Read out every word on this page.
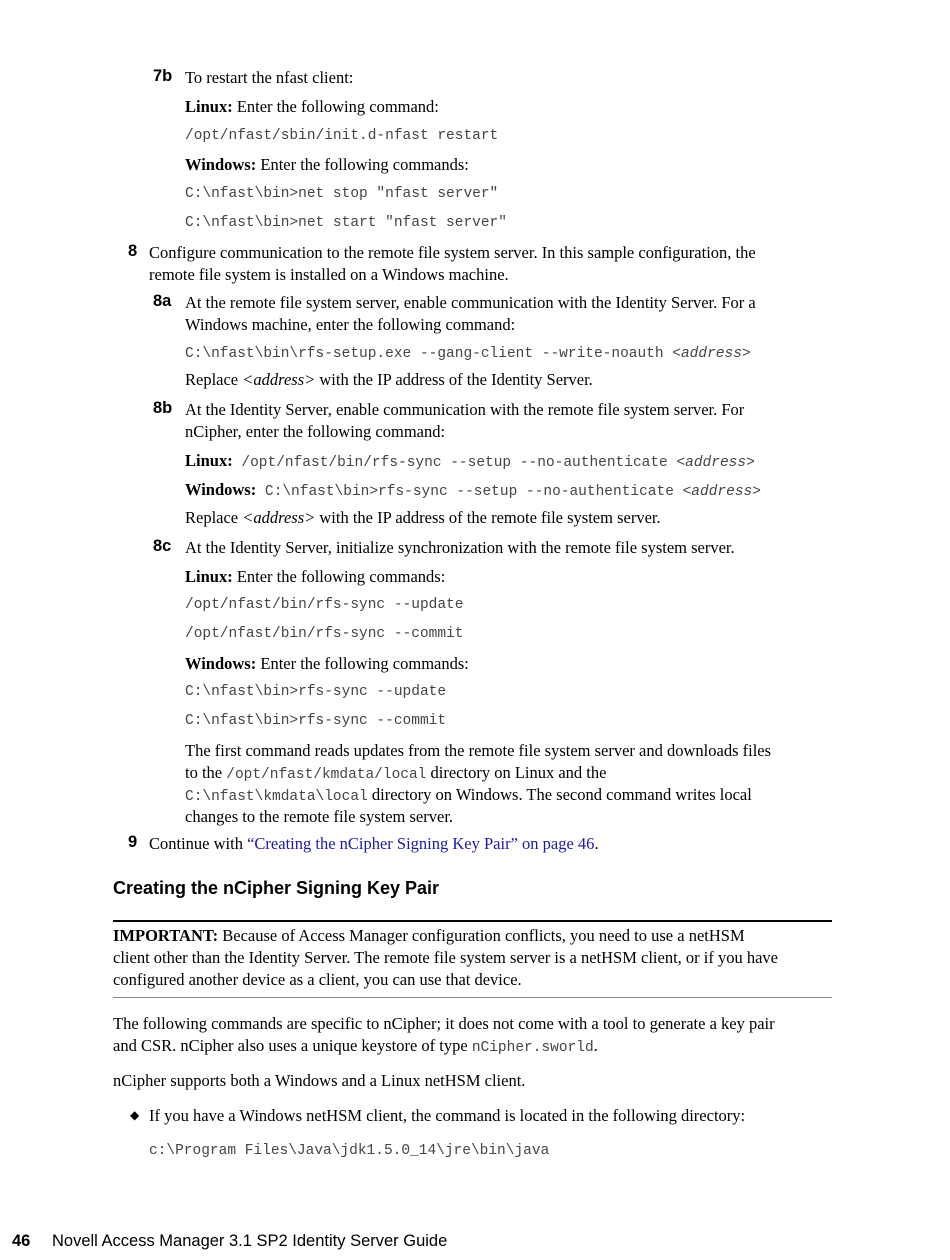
7b To restart the nfast client:
Linux: Enter the following command:
/opt/nfast/sbin/init.d-nfast restart
Windows: Enter the following commands:
C:\nfast\bin>net stop "nfast server"
C:\nfast\bin>net start "nfast server"
8 Configure communication to the remote file system server. In this sample configuration, the
remote file system is installed on a Windows machine.
8a At the remote file system server, enable communication with the Identity Server. For a
Windows machine, enter the following command:
C:\nfast\bin\rfs-setup.exe --gang-client --write-noauth <address>
Replace <address> with the IP address of the Identity Server.
8b At the Identity Server, enable communication with the remote file system server. For
nCipher, enter the following command:
Linux: /opt/nfast/bin/rfs-sync --setup --no-authenticate <address>
Windows: C:\nfast\bin>rfs-sync --setup --no-authenticate <address>
Replace <address> with the IP address of the remote file system server.
8c At the Identity Server, initialize synchronization with the remote file system server.
Linux: Enter the following commands:
/opt/nfast/bin/rfs-sync --update
/opt/nfast/bin/rfs-sync --commit
Windows: Enter the following commands:
C:\nfast\bin>rfs-sync --update
C:\nfast\bin>rfs-sync --commit
The first command reads updates from the remote file system server and downloads files
to the /opt/nfast/kmdata/local directory on Linux and the
C:\nfast\kmdata\local directory on Windows. The second command writes local
changes to the remote file system server.
9 Continue with “Creating the nCipher Signing Key Pair” on page 46.
Creating the nCipher Signing Key Pair
IMPORTANT: Because of Access Manager configuration conflicts, you need to use a netHSM
client other than the Identity Server. The remote file system server is a netHSM client, or if you have
configured another device as a client, you can use that device.
The following commands are specific to nCipher; it does not come with a tool to generate a key pair
and CSR. nCipher also uses a unique keystore of type nCipher.sworld.
nCipher supports both a Windows and a Linux netHSM client.
◆ If you have a Windows netHSM client, the command is located in the following directory:
c:\Program Files\Java\jdk1.5.0_14\jre\bin\java
46 Novell Access Manager 3.1 SP2 Identity Server Guide
